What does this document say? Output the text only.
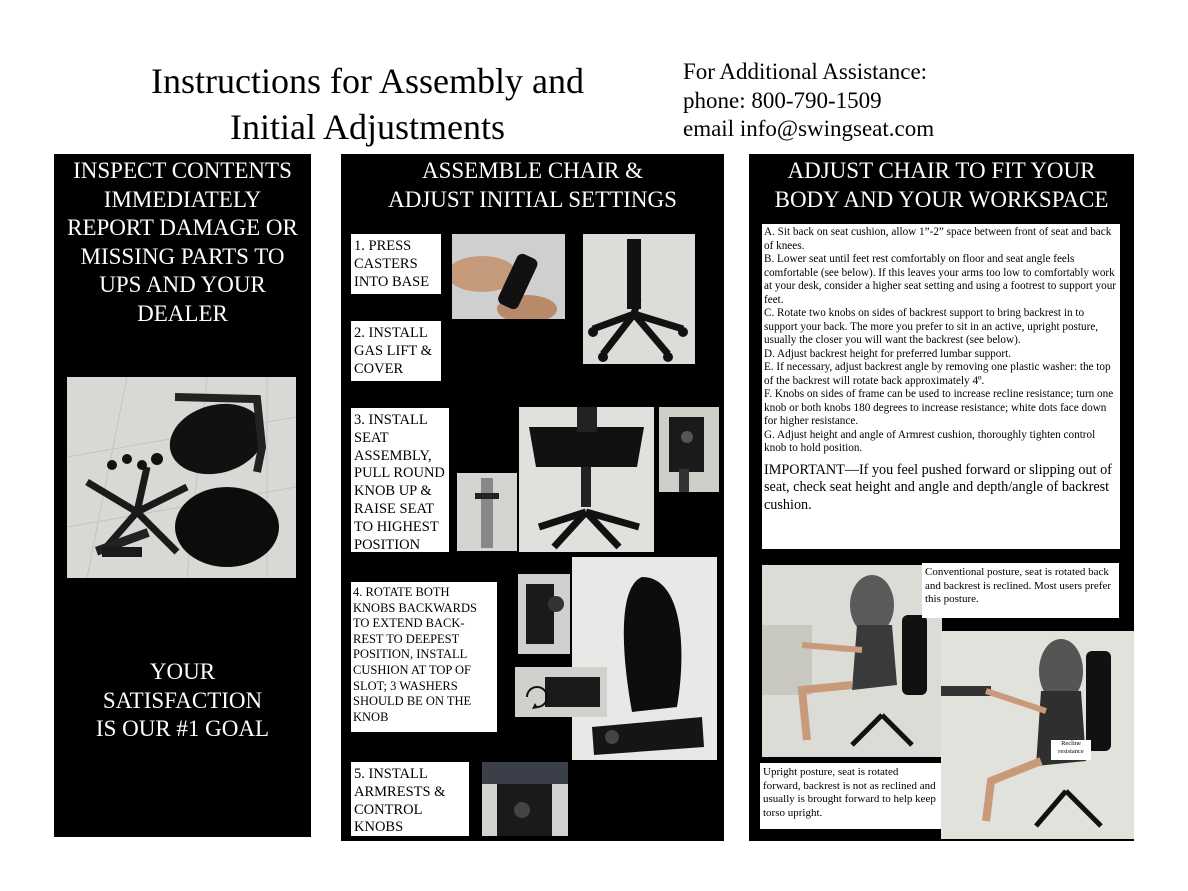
Instructions for Assembly and
Initial Adjustments
For Additional Assistance:
phone: 800-790-1509
email info@swingseat.com
INSPECT CONTENTS
IMMEDIATELY
REPORT DAMAGE OR
MISSING PARTS TO
UPS AND YOUR
DEALER
YOUR
SATISFACTION
IS OUR #1 GOAL
ASSEMBLE CHAIR &
ADJUST INITIAL SETTINGS
1. PRESS
CASTERS
INTO BASE
2. INSTALL
GAS LIFT &
COVER
3. INSTALL
SEAT
ASSEMBLY,
PULL ROUND
KNOB UP &
RAISE SEAT
TO HIGHEST
POSITION
4. ROTATE BOTH
KNOBS BACKWARDS
TO EXTEND BACK-
REST TO DEEPEST
POSITION, INSTALL
CUSHION AT TOP OF
SLOT; 3 WASHERS
SHOULD BE ON THE
KNOB
5. INSTALL
ARMRESTS &
CONTROL
KNOBS
ADJUST CHAIR TO FIT YOUR
BODY AND YOUR WORKSPACE

A. Sit back on seat cushion, allow 1”-2” space between front of seat and back of knees.

B. Lower seat until feet rest comfortably on floor and seat angle feels comfortable (see below). If this leaves your arms too low to comfortably work at your desk, consider a higher seat setting and using a footrest to support your feet.

C. Rotate two knobs on sides of backrest support to bring backrest in to support your back. The more you prefer to sit in an active, upright posture, usually the closer you will want the backrest (see below).

D. Adjust backrest height for preferred lumbar support.

E. If necessary, adjust backrest angle by removing one plastic washer: the top of the backrest will rotate back approximately 4º.

F. Knobs on sides of frame can be used to increase recline resistance; turn one knob or both knobs 180 degrees to increase resistance; white dots face down for higher resistance.

G. Adjust height and angle of Armrest cushion, thoroughly tighten control knob to hold position.

IMPORTANT—If you feel pushed forward or slipping out of seat, check seat height and angle and depth/angle of backrest cushion.

Conventional posture, seat is rotated back and backrest is reclined. Most users prefer this posture.
Recline
resistance
Upright posture, seat is rotated forward, backrest is not as reclined and usually is brought forward to help keep torso upright.
